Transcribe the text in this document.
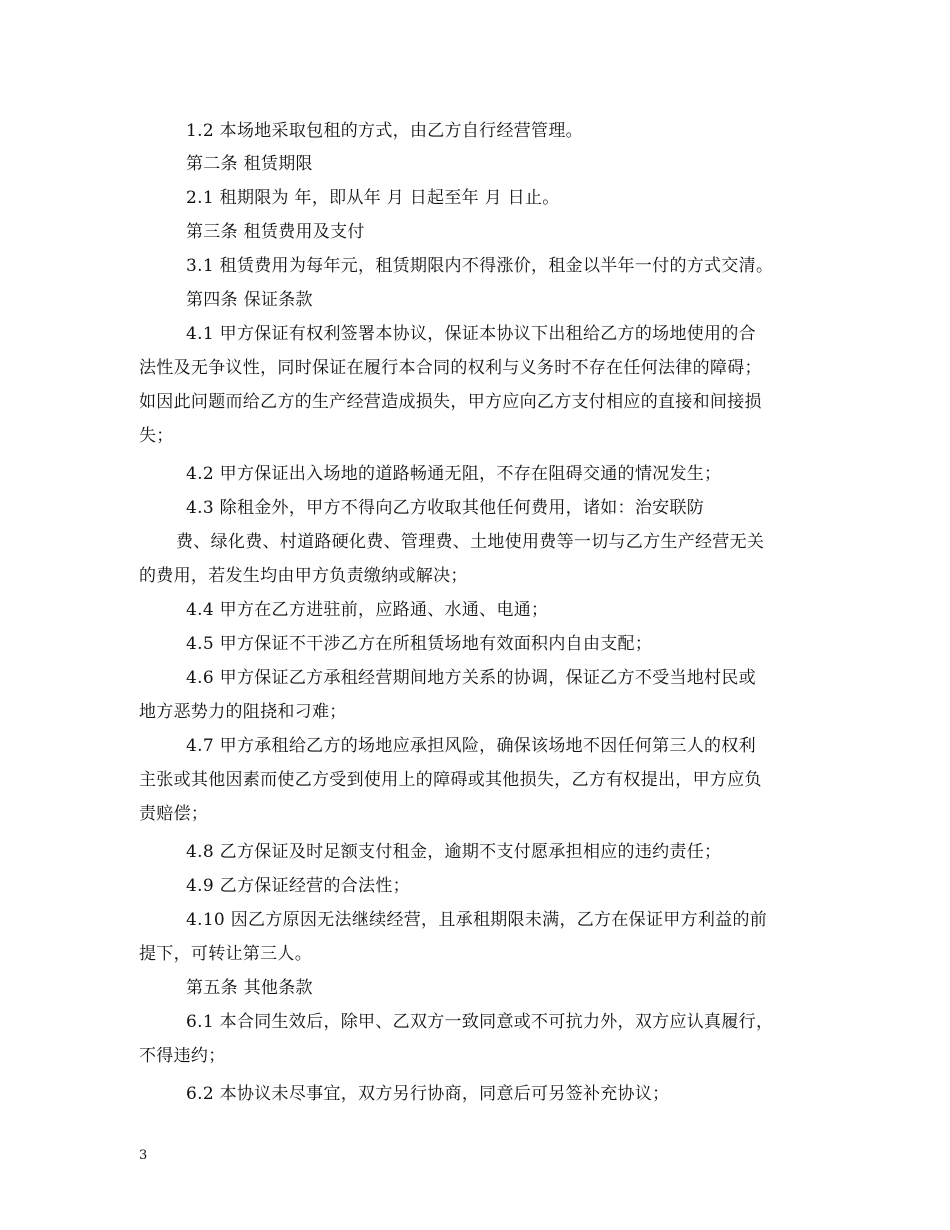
1.2 本场地采取包租的方式，由乙方自行经营管理。
第二条 租赁期限
2.1 租期限为 年，即从年 月 日起至年 月 日止。
第三条 租赁费用及支付
3.1 租赁费用为每年元，租赁期限内不得涨价，租金以半年一付的方式交清。
第四条 保证条款
4.1 甲方保证有权利签署本协议，保证本协议下出租给乙方的场地使用的合
法性及无争议性，同时保证在履行本合同的权利与义务时不存在任何法律的障碍；
如因此问题而给乙方的生产经营造成损失，甲方应向乙方支付相应的直接和间接损
失；
4.2 甲方保证出入场地的道路畅通无阻，不存在阻碍交通的情况发生；
4.3 除租金外，甲方不得向乙方收取其他任何费用，诸如：治安联防
费、绿化费、村道路硬化费、管理费、土地使用费等一切与乙方生产经营无关
的费用，若发生均由甲方负责缴纳或解决；
4.4 甲方在乙方进驻前，应路通、水通、电通；
4.5 甲方保证不干涉乙方在所租赁场地有效面积内自由支配；
4.6 甲方保证乙方承租经营期间地方关系的协调，保证乙方不受当地村民或
地方恶势力的阻挠和刁难；
4.7 甲方承租给乙方的场地应承担风险，确保该场地不因任何第三人的权利
主张或其他因素而使乙方受到使用上的障碍或其他损失，乙方有权提出，甲方应负
责赔偿；
4.8 乙方保证及时足额支付租金，逾期不支付愿承担相应的违约责任；
4.9 乙方保证经营的合法性；
4.10 因乙方原因无法继续经营，且承租期限未满，乙方在保证甲方利益的前
提下，可转让第三人。
第五条 其他条款
6.1 本合同生效后，除甲、乙双方一致同意或不可抗力外，双方应认真履行，
不得违约；
6.2 本协议未尽事宜，双方另行协商，同意后可另签补充协议；
3
